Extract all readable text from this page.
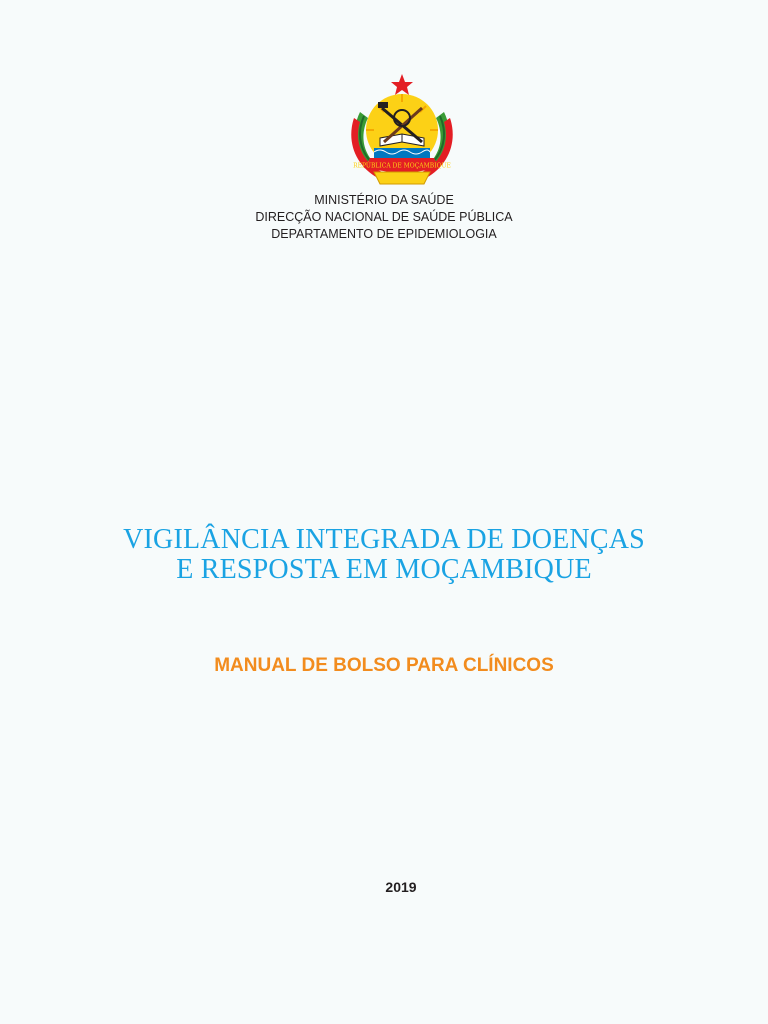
REPÚBLICA DE MOÇAMBIQUE
MINISTÉRIO DA SAÚDE
DIRECÇÃO NACIONAL DE SAÚDE PÚBLICA
DEPARTAMENTO DE EPIDEMIOLOGIA
VIGILÂNCIA INTEGRADA DE DOENÇAS
E RESPOSTA EM MOÇAMBIQUE
MANUAL DE BOLSO PARA CLÍNICOS
2019
